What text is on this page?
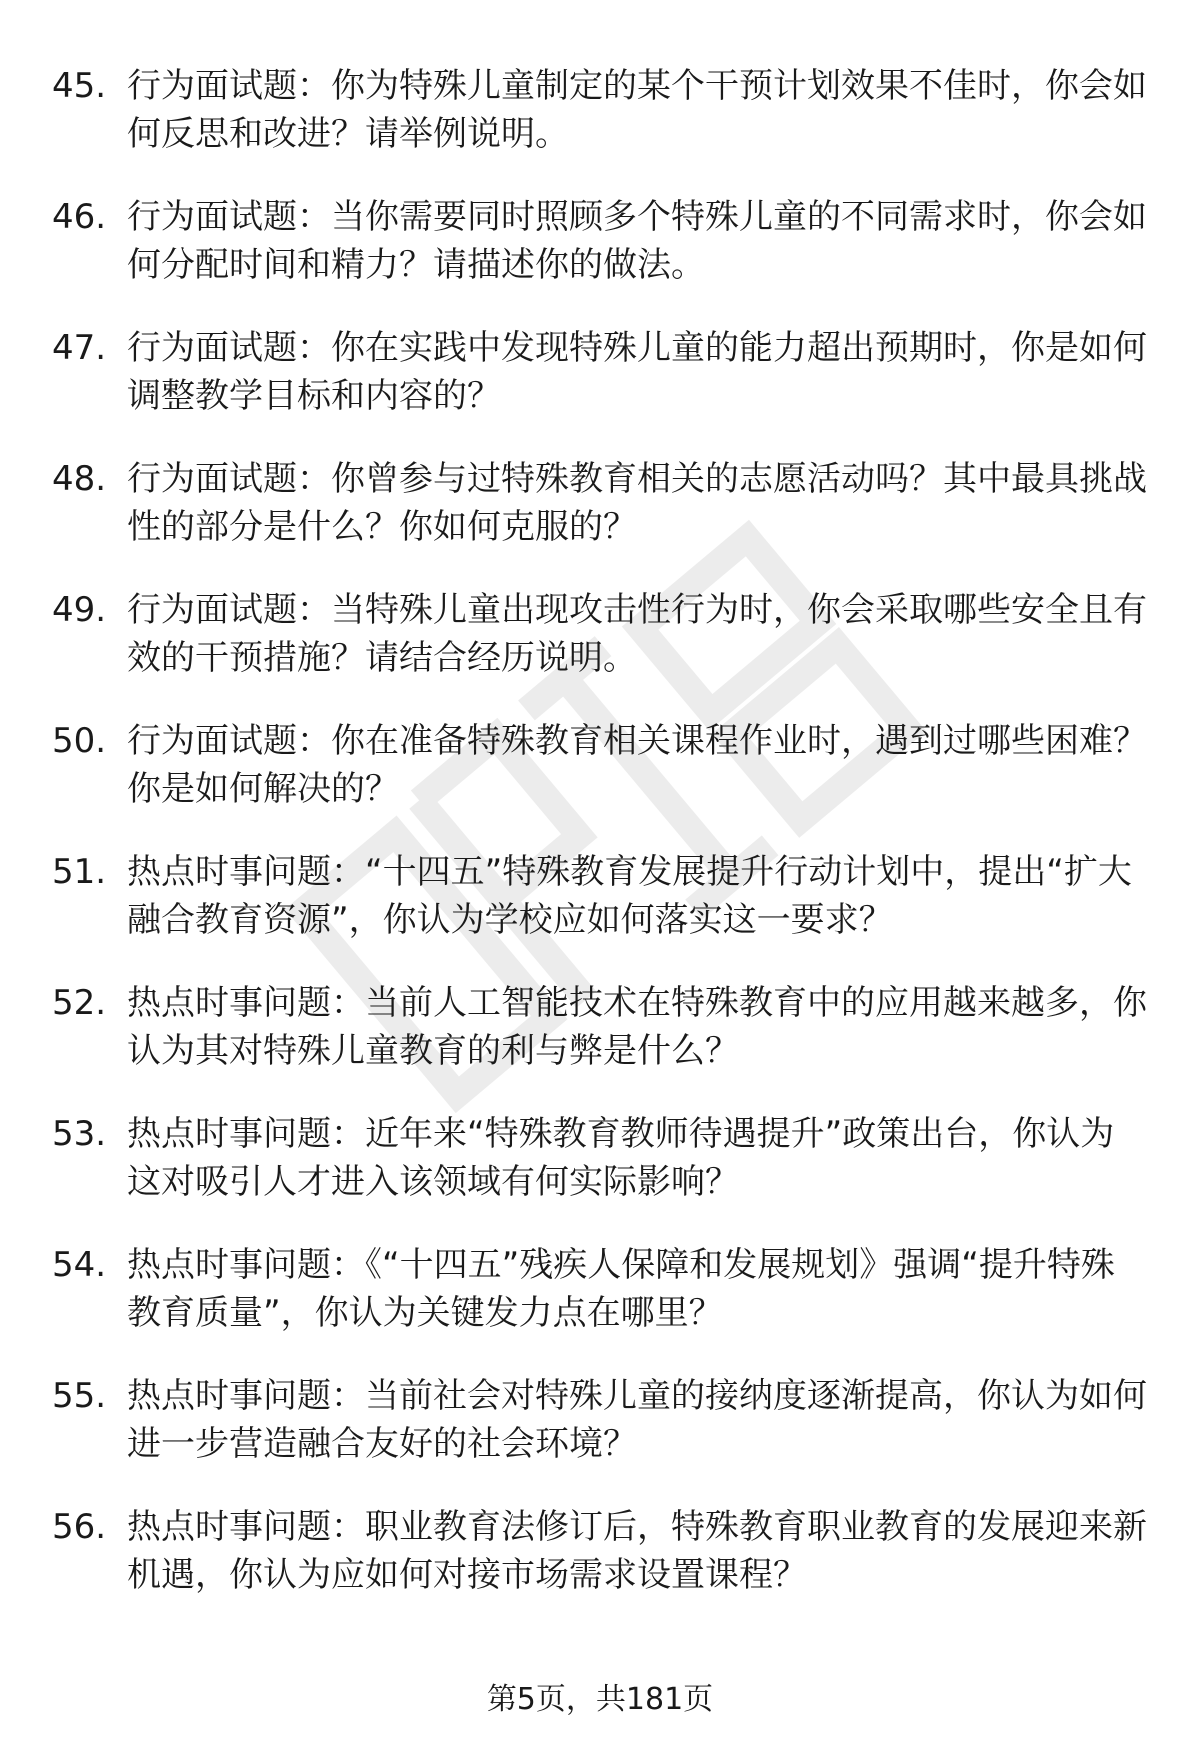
45. 行为面试题：你为特殊儿童制定的某个干预计划效果不佳时，你会如何反思和改进？请举例说明。
46. 行为面试题：当你需要同时照顾多个特殊儿童的不同需求时，你会如何分配时间和精力？请描述你的做法。
47. 行为面试题：你在实践中发现特殊儿童的能力超出预期时，你是如何调整教学目标和内容的？
48. 行为面试题：你曾参与过特殊教育相关的志愿活动吗？其中最具挑战性的部分是什么？你如何克服的？
49. 行为面试题：当特殊儿童出现攻击性行为时，你会采取哪些安全且有效的干预措施？请结合经历说明。
50. 行为面试题：你在准备特殊教育相关课程作业时，遇到过哪些困难？你是如何解决的？
51. 热点时事问题：“十四五”特殊教育发展提升行动计划中，提出“扩大融合教育资源”，你认为学校应如何落实这一要求？
52. 热点时事问题：当前人工智能技术在特殊教育中的应用越来越多，你认为其对特殊儿童教育的利与弊是什么？
53. 热点时事问题：近年来“特殊教育教师待遇提升”政策出台，你认为这对吸引人才进入该领域有何实际影响？
54. 热点时事问题：《“十四五”残疾人保障和发展规划》强调“提升特殊教育质量”，你认为关键发力点在哪里？
55. 热点时事问题：当前社会对特殊儿童的接纳度逐渐提高，你认为如何进一步营造融合友好的社会环境？
56. 热点时事问题：职业教育法修订后，特殊教育职业教育的发展迎来新机遇，你认为应如何对接市场需求设置课程？
第5页，共181页
